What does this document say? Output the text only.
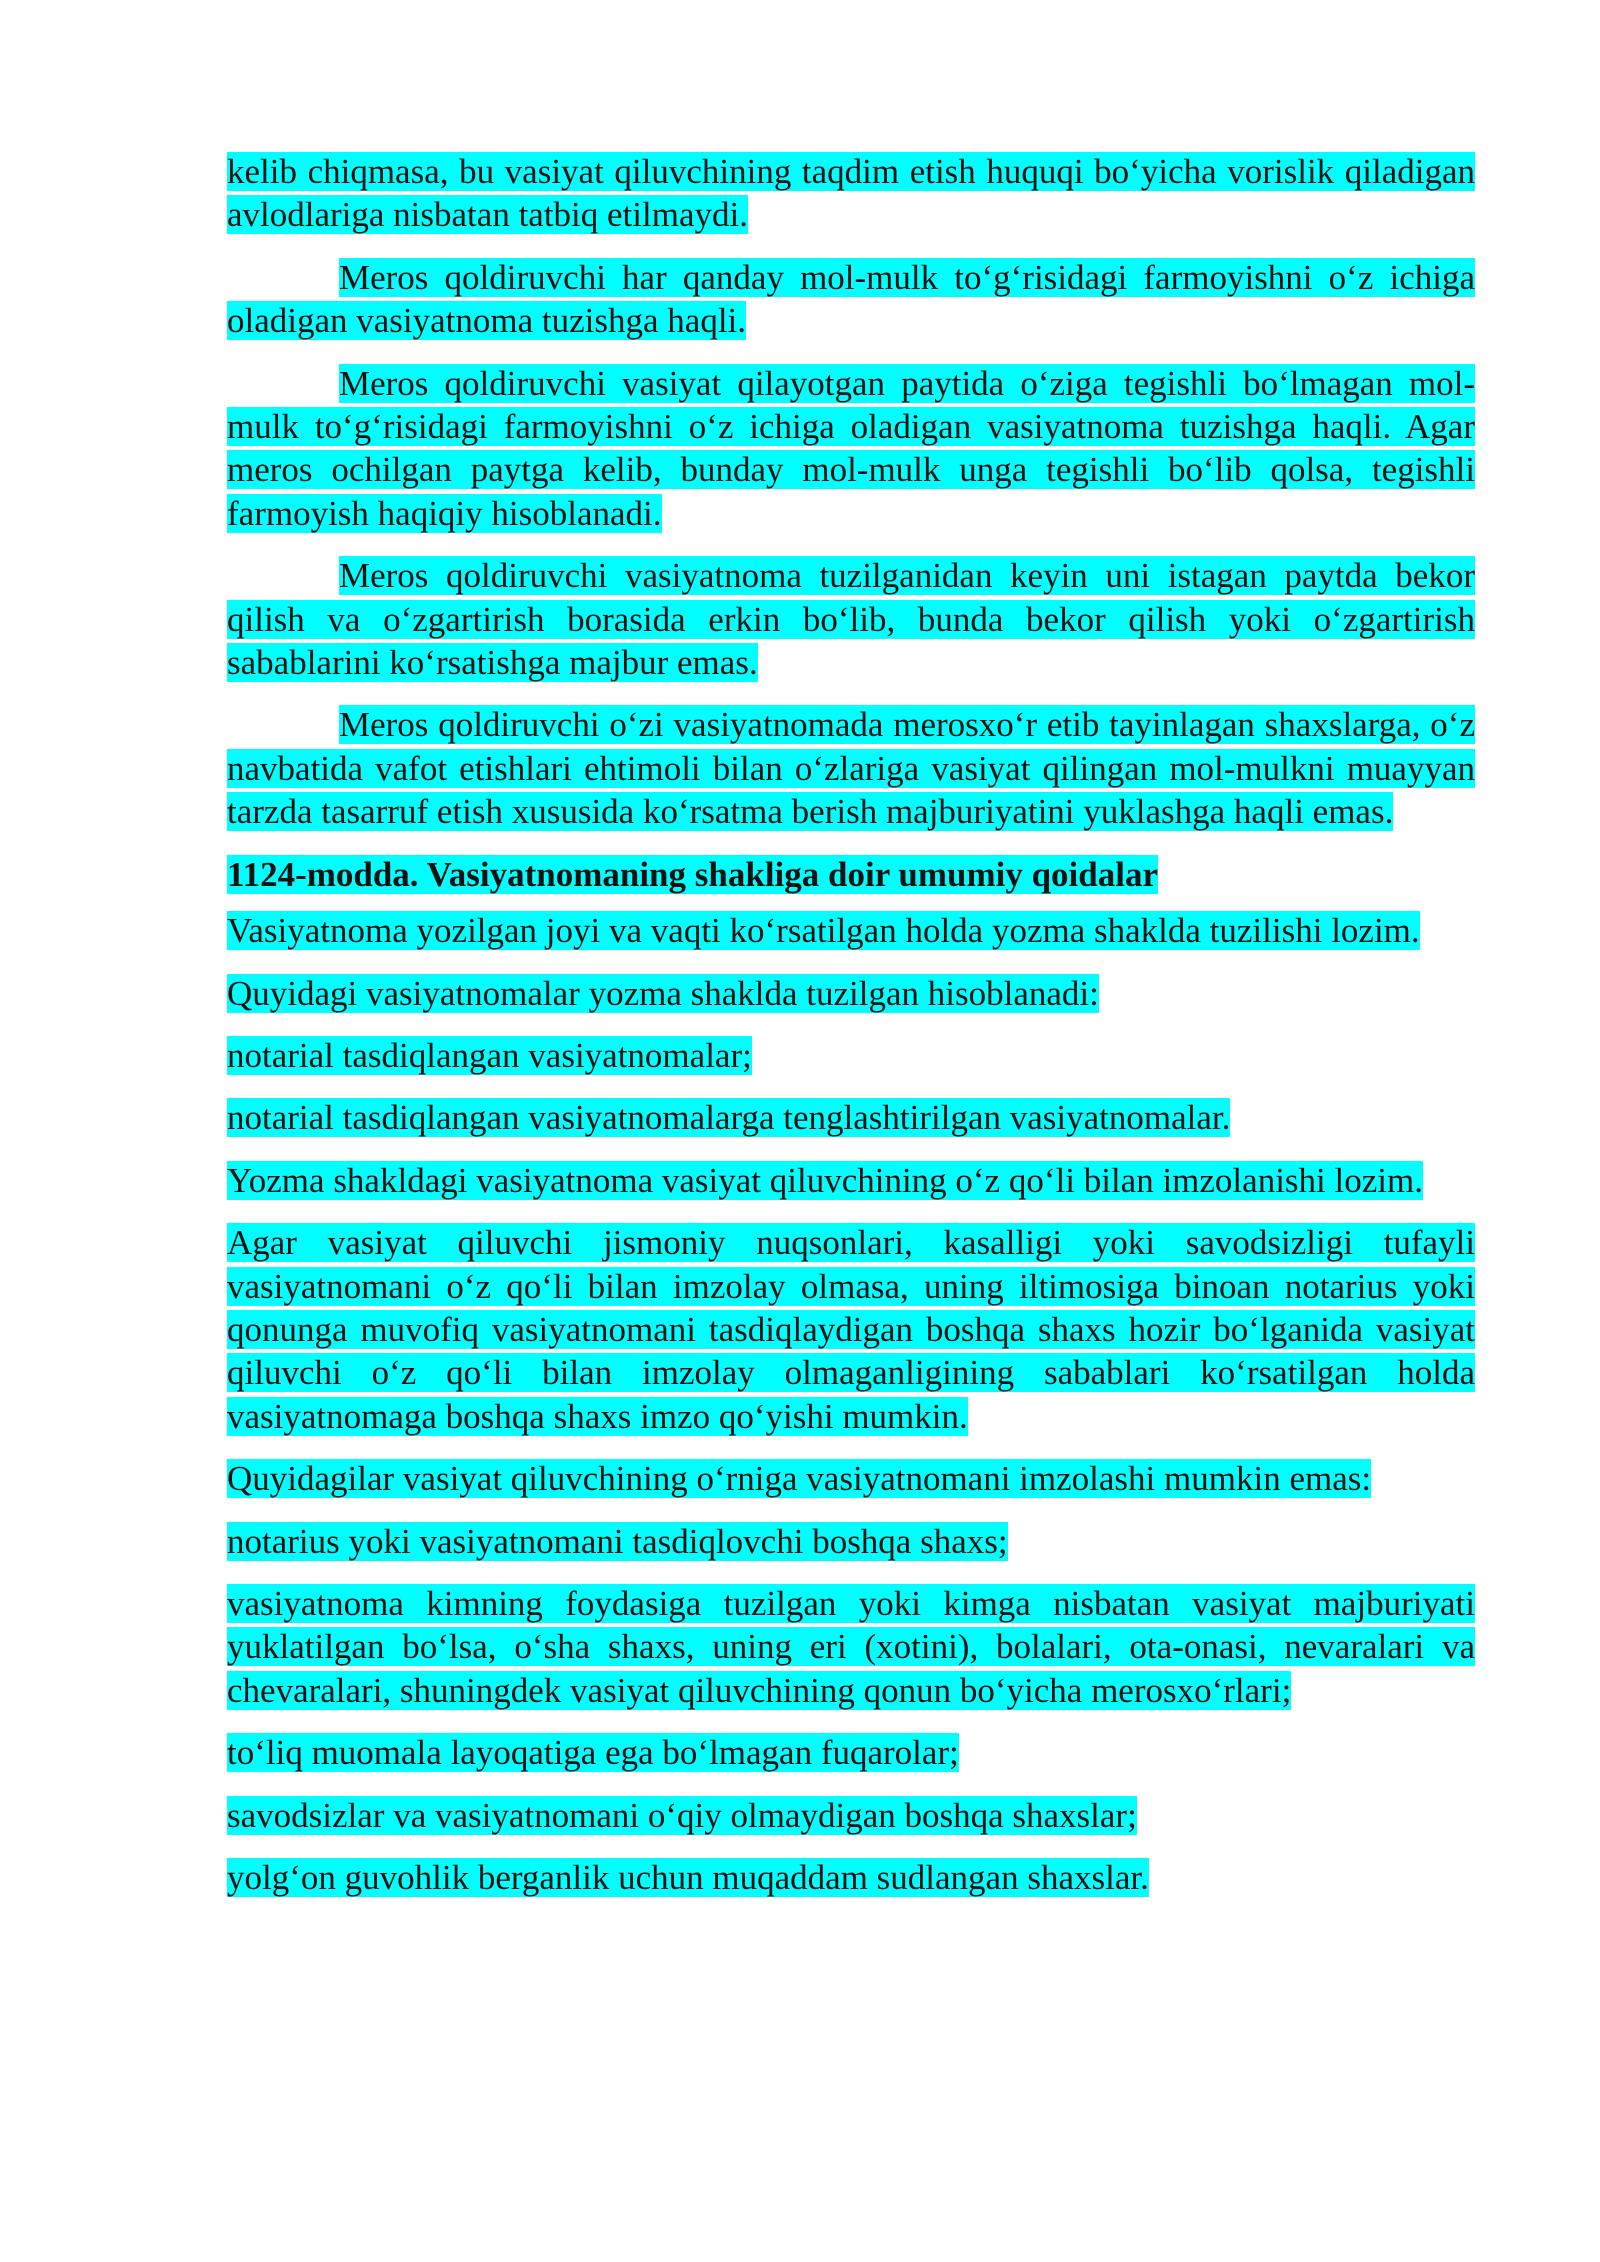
kelib chiqmasa, bu vasiyat qiluvchining taqdim etish huquqi bo‘yicha vorislik qiladigan avlodlariga nisbatan tatbiq etilmaydi.

Meros qoldiruvchi har qanday mol-mulk to‘g‘risidagi farmoyishni o‘z ichiga oladigan vasiyatnoma tuzishga haqli.

Meros qoldiruvchi vasiyat qilayotgan paytida o‘ziga tegishli bo‘lmagan mol-mulk to‘g‘risidagi farmoyishni o‘z ichiga oladigan vasiyatnoma tuzishga haqli. Agar meros ochilgan paytga kelib, bunday mol-mulk unga tegishli bo‘lib qolsa, tegishli farmoyish haqiqiy hisoblanadi.

Meros qoldiruvchi vasiyatnoma tuzilganidan keyin uni istagan paytda bekor qilish va o‘zgartirish borasida erkin bo‘lib, bunda bekor qilish yoki o‘zgartirish sabablarini ko‘rsatishga majbur emas.

Meros qoldiruvchi o‘zi vasiyatnomada merosxo‘r etib tayinlagan shaxslarga, o‘z navbatida vafot etishlari ehtimoli bilan o‘zlariga vasiyat qilingan mol-mulkni muayyan tarzda tasarruf etish xususida ko‘rsatma berish majburiyatini yuklashga haqli emas.

1124-modda. Vasiyatnomaning shakliga doir umumiy qoidalar

Vasiyatnoma yozilgan joyi va vaqti ko‘rsatilgan holda yozma shaklda tuzilishi lozim.

Quyidagi vasiyatnomalar yozma shaklda tuzilgan hisoblanadi:

notarial tasdiqlangan vasiyatnomalar;

notarial tasdiqlangan vasiyatnomalarga tenglashtirilgan vasiyatnomalar.

Yozma shakldagi vasiyatnoma vasiyat qiluvchining o‘z qo‘li bilan imzolanishi lozim.

Agar vasiyat qiluvchi jismoniy nuqsonlari, kasalligi yoki savodsizligi tufayli vasiyatnomani o‘z qo‘li bilan imzolay olmasa, uning iltimosiga binoan notarius yoki qonunga muvofiq vasiyatnomani tasdiqlaydigan boshqa shaxs hozir bo‘lganida vasiyat qiluvchi o‘z qo‘li bilan imzolay olmaganligining sabablari ko‘rsatilgan holda vasiyatnomaga boshqa shaxs imzo qo‘yishi mumkin.

Quyidagilar vasiyat qiluvchining o‘rniga vasiyatnomani imzolashi mumkin emas:

notarius yoki vasiyatnomani tasdiqlovchi boshqa shaxs;

vasiyatnoma kimning foydasiga tuzilgan yoki kimga nisbatan vasiyat majburiyati yuklatilgan bo‘lsa, o‘sha shaxs, uning eri (xotini), bolalari, ota-onasi, nevaralari va chevaralari, shuningdek vasiyat qiluvchining qonun bo‘yicha merosxo‘rlari;

to‘liq muomala layoqatiga ega bo‘lmagan fuqarolar;

savodsizlar va vasiyatnomani o‘qiy olmaydigan boshqa shaxslar;

yolg‘on guvohlik berganlik uchun muqaddam sudlangan shaxslar.
